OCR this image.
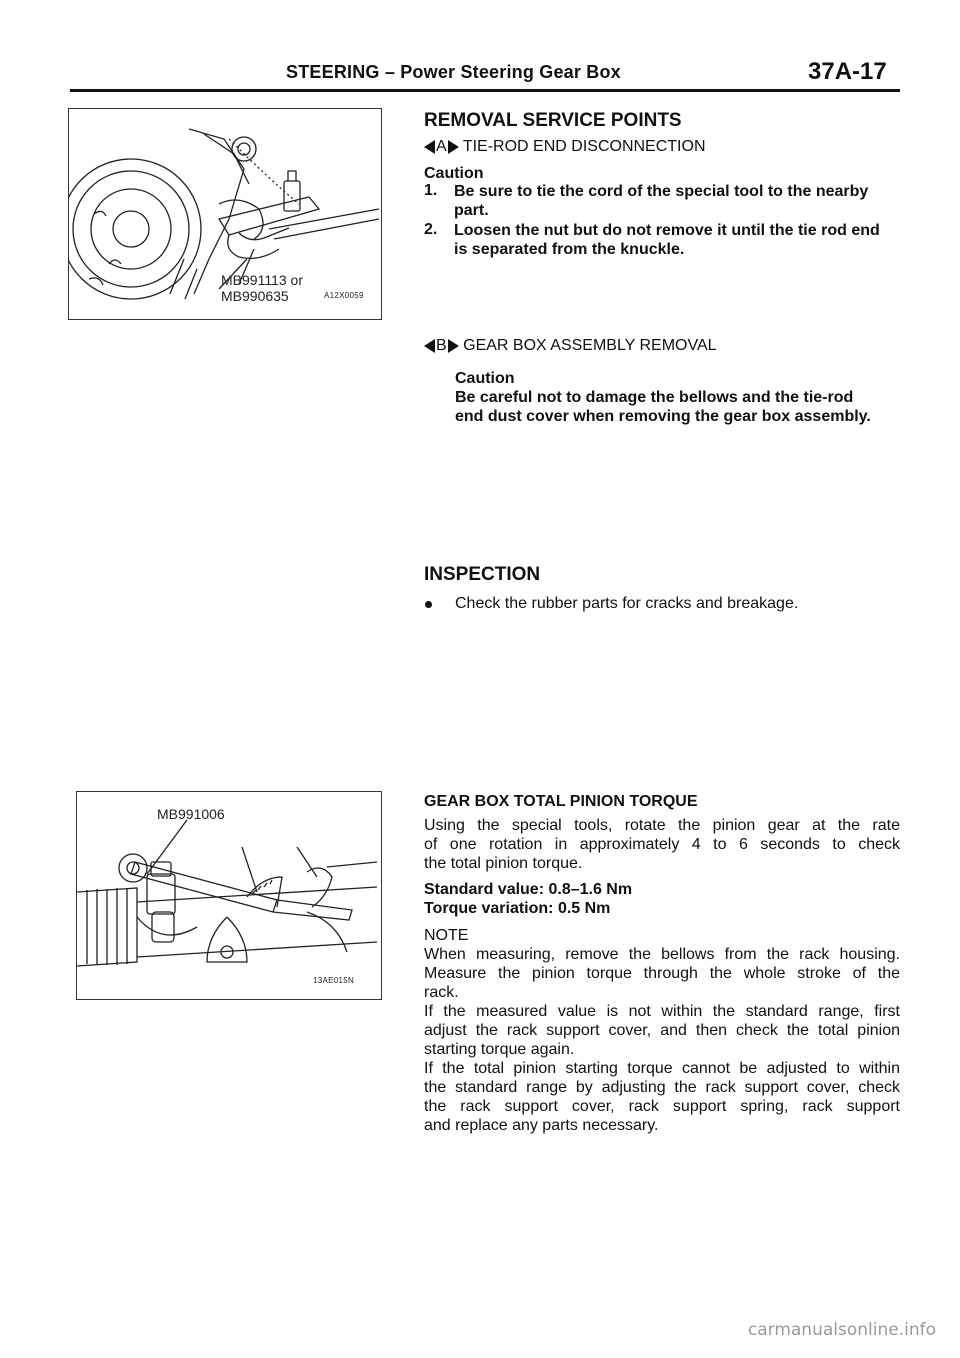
STEERING – Power Steering Gear Box	37A-17
MB991113 or
MB990635	A12X0059
REMOVAL SERVICE POINTS
A TIE-ROD END DISCONNECTION
Caution
1. Be sure to tie the cord of the special tool to the nearby
part.
2. Loosen the nut but do not remove it until the tie rod end
is separated from the knuckle.
B GEAR BOX ASSEMBLY REMOVAL
Caution
Be careful not to damage the bellows and the tie-rod
end dust cover when removing the gear box assembly.
INSPECTION
Check the rubber parts for cracks and breakage.
MB991006
13AE015N
GEAR BOX TOTAL PINION TORQUE
Using the special tools, rotate the pinion gear at the rate
of one rotation in approximately 4 to 6 seconds to check
the total pinion torque.
Standard value: 0.8–1.6 Nm
Torque variation: 0.5 Nm
NOTE
When measuring, remove the bellows from the rack housing.
Measure the pinion torque through the whole stroke of the
rack.
If the measured value is not within the standard range, first
adjust the rack support cover, and then check the total pinion
starting torque again.
If the total pinion starting torque cannot be adjusted to within
the standard range by adjusting the rack support cover, check
the rack support cover, rack support spring, rack support
and replace any parts necessary.
carmanualsonline.info
